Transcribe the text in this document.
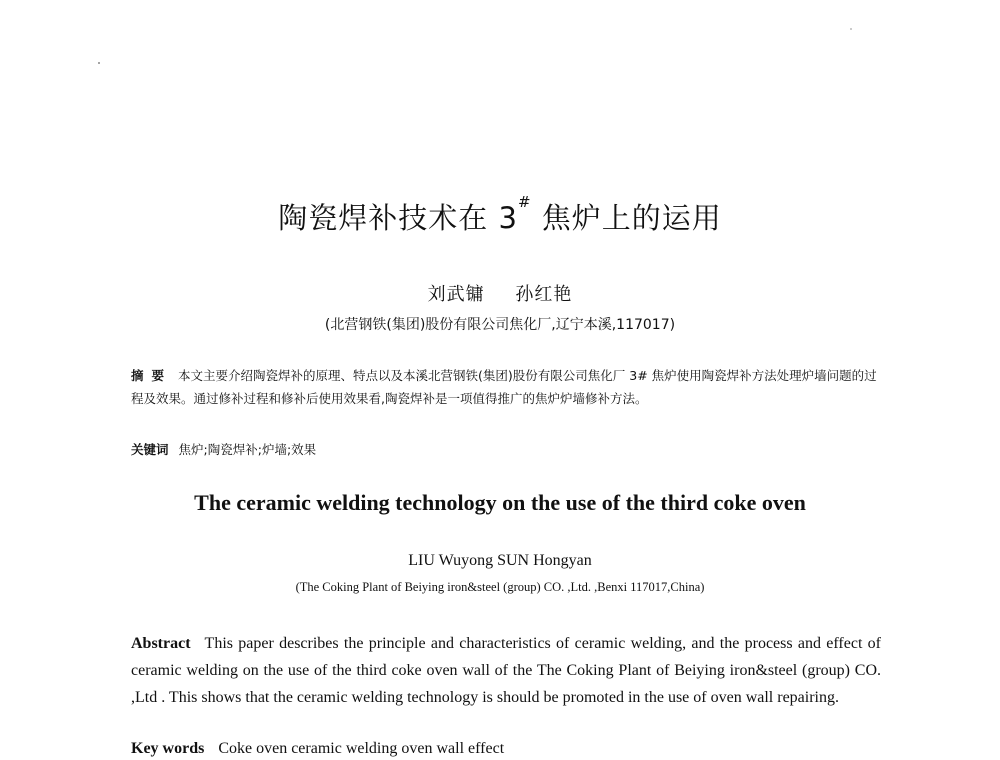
陶瓷焊补技术在 3# 焦炉上的运用
刘武镛 孙红艳
(北营钢铁(集团)股份有限公司焦化厂,辽宁本溪,117017)
摘要 本文主要介绍陶瓷焊补的原理、特点以及本溪北营钢铁(集团)股份有限公司焦化厂 3# 焦炉使用陶瓷焊补方法处理炉墙问题的过程及效果。通过修补过程和修补后使用效果看,陶瓷焊补是一项值得推广的焦炉炉墙修补方法。
关键词 焦炉;陶瓷焊补;炉墙;效果
The ceramic welding technology on the use of the third coke oven
LIU Wuyong SUN Hongyan
(The Coking Plant of Beiying iron&steel (group) CO. ,Ltd. ,Benxi 117017,China)
Abstract This paper describes the principle and characteristics of ceramic welding, and the process and effect of ceramic welding on the use of the third coke oven wall of the The Coking Plant of Beiying iron&steel (group) CO. ,Ltd . This shows that the ceramic welding technology is should be promoted in the use of oven wall repairing.
Key words Coke oven ceramic welding oven wall effect
